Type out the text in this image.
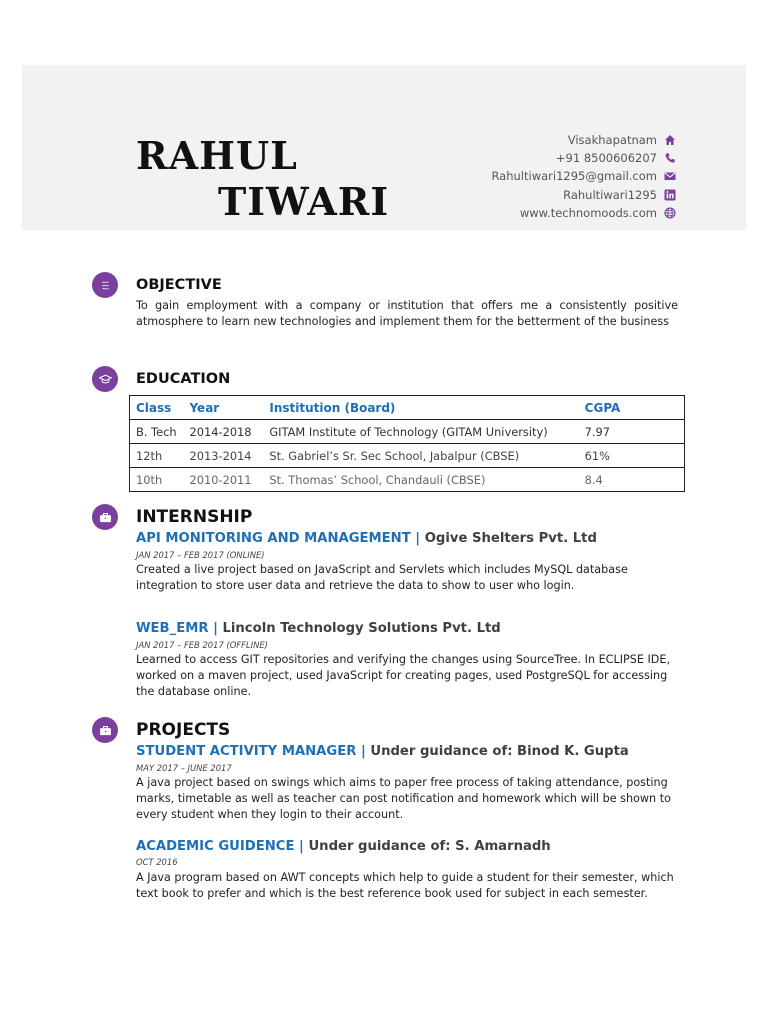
RAHUL
TIWARI
Visakhapatnam
+91 8500606207
Rahultiwari1295@gmail.com
Rahultiwari1295
www.technomoods.com
OBJECTIVE
To gain employment with a company or institution that offers me a consistently positive atmosphere to learn new technologies and implement them for the betterment of the business
EDUCATION
Class	Year	Institution (Board)	CGPA
B. Tech	2014-2018	GITAM Institute of Technology (GITAM University)	7.97
12th	2013-2014	St. Gabriel’s Sr. Sec School, Jabalpur (CBSE)	61%
10th	2010-2011	St. Thomas’ School, Chandauli (CBSE)	8.4
INTERNSHIP
API MONITORING AND MANAGEMENT | Ogive Shelters Pvt. Ltd
JAN 2017 – FEB 2017 (ONLINE)
Created a live project based on JavaScript and Servlets which includes MySQL database integration to store user data and retrieve the data to show to user who login.
WEB_EMR | Lincoln Technology Solutions Pvt. Ltd
JAN 2017 – FEB 2017 (OFFLINE)
Learned to access GIT repositories and verifying the changes using SourceTree. In ECLIPSE IDE, worked on a maven project, used JavaScript for creating pages, used PostgreSQL for accessing the database online.
PROJECTS
STUDENT ACTIVITY MANAGER | Under guidance of: Binod K. Gupta
MAY 2017 – JUNE 2017
A java project based on swings which aims to paper free process of taking attendance, posting marks, timetable as well as teacher can post notification and homework which will be shown to every student when they login to their account.
ACADEMIC GUIDENCE | Under guidance of: S. Amarnadh
OCT 2016
A Java program based on AWT concepts which help to guide a student for their semester, which text book to prefer and which is the best reference book used for subject in each semester.
